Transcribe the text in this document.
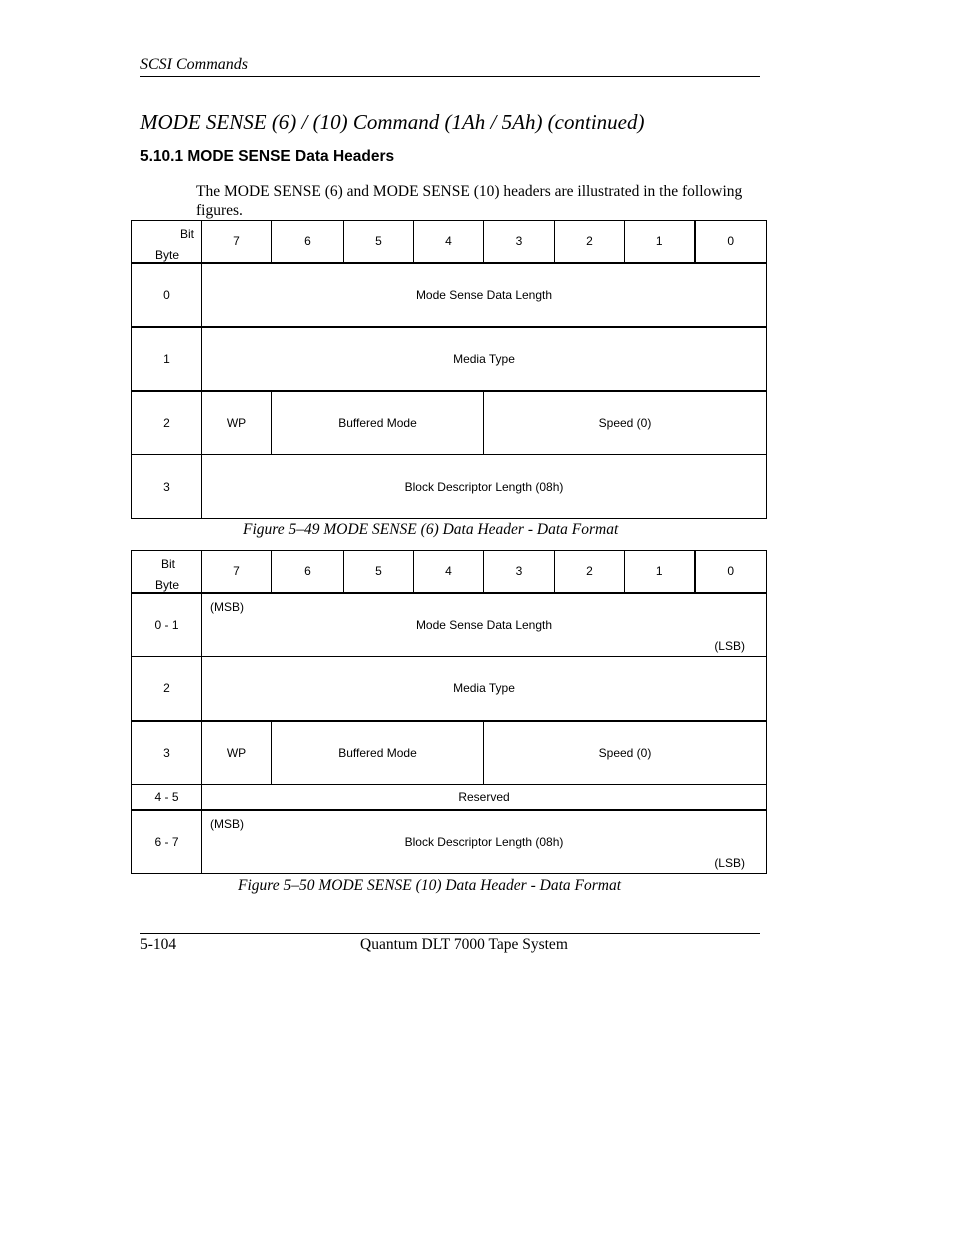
SCSI Commands
MODE SENSE (6) / (10) Command (1Ah / 5Ah) (continued)
5.10.1 MODE SENSE Data Headers
The MODE SENSE (6) and MODE SENSE (10) headers are illustrated in the following figures.
Bit
Byte	7	6	5	4	3	2	1	0
0	Mode Sense Data Length							
1	Media Type							
2	WP	Buffered Mode			Speed (0)			
3	Block Descriptor Length (08h)							
Figure 5–49 MODE SENSE (6) Data Header - Data Format
Bit
Byte	7	6	5	4	3	2	1	0
0 - 1	(MSB)
Mode Sense Data Length
(LSB)							

2	Media Type							
3	WP	Buffered Mode			Speed (0)			
4 - 5	Reserved							
6 - 7	(MSB)
Block Descriptor Length (08h)
(LSB)							
Figure 5–50 MODE SENSE (10) Data Header - Data Format
5-104	Quantum DLT 7000 Tape System
